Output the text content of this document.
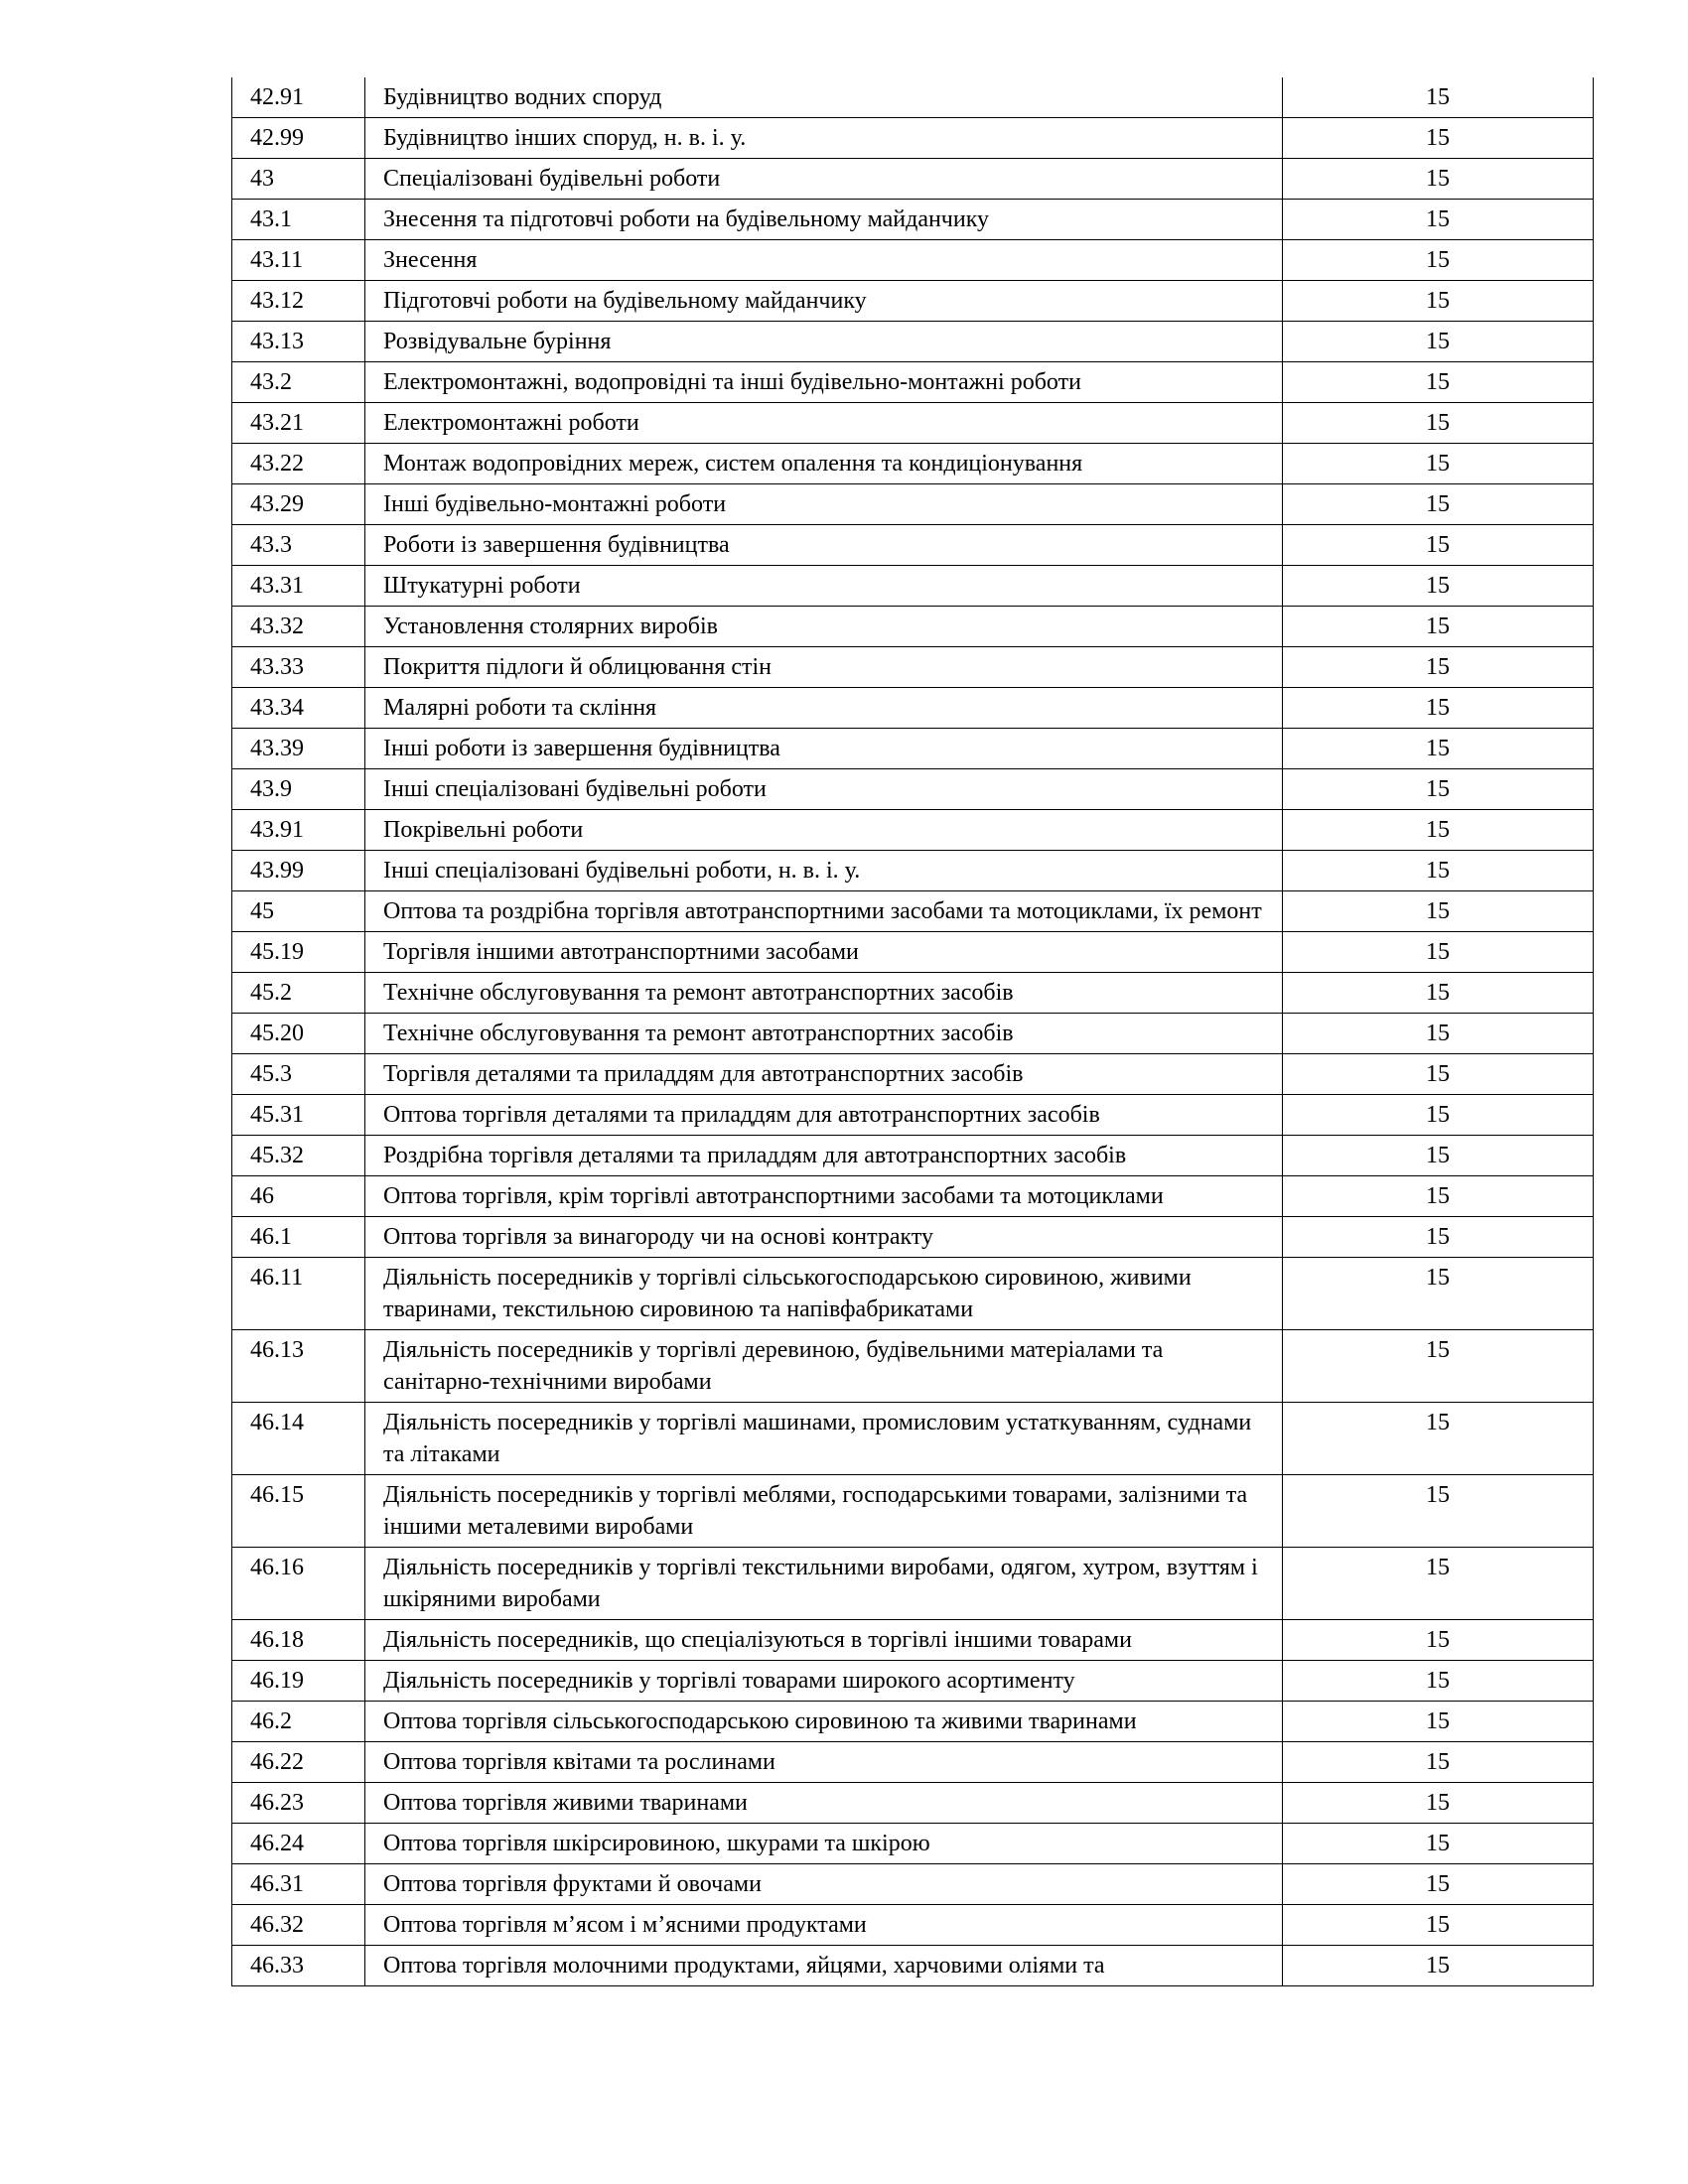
42.91	Будівництво водних споруд	15
42.99	Будівництво інших споруд, н. в. і. у.	15
43	Спеціалізовані будівельні роботи	15
43.1	Знесення та підготовчі роботи на будівельному майданчику	15
43.11	Знесення	15
43.12	Підготовчі роботи на будівельному майданчику	15
43.13	Розвідувальне буріння	15
43.2	Електромонтажні, водопровідні та інші будівельно-монтажні роботи	15
43.21	Електромонтажні роботи	15
43.22	Монтаж водопровідних мереж, систем опалення та кондиціонування	15
43.29	Інші будівельно-монтажні роботи	15
43.3	Роботи із завершення будівництва	15
43.31	Штукатурні роботи	15
43.32	Установлення столярних виробів	15
43.33	Покриття підлоги й облицювання стін	15
43.34	Малярні роботи та скління	15
43.39	Інші роботи із завершення будівництва	15
43.9	Інші спеціалізовані будівельні роботи	15
43.91	Покрівельні роботи	15
43.99	Інші спеціалізовані будівельні роботи, н. в. і. у.	15
45	Оптова та роздрібна торгівля автотранспортними засобами та мотоциклами, їх ремонт	15
45.19	Торгівля іншими автотранспортними засобами	15
45.2	Технічне обслуговування та ремонт автотранспортних засобів	15
45.20	Технічне обслуговування та ремонт автотранспортних засобів	15
45.3	Торгівля деталями та приладдям для автотранспортних засобів	15
45.31	Оптова торгівля деталями та приладдям для автотранспортних засобів	15
45.32	Роздрібна торгівля деталями та приладдям для автотранспортних засобів	15
46	Оптова торгівля, крім торгівлі автотранспортними засобами та мотоциклами	15
46.1	Оптова торгівля за винагороду чи на основі контракту	15
46.11	Діяльність посередників у торгівлі сільськогосподарською сировиною, живими тваринами, текстильною сировиною та напівфабрикатами	15
46.13	Діяльність посередників у торгівлі деревиною, будівельними матеріалами та санітарно-технічними виробами	15
46.14	Діяльність посередників у торгівлі машинами, промисловим устаткуванням, суднами та літаками	15
46.15	Діяльність посередників у торгівлі меблями, господарськими товарами, залізними та іншими металевими виробами	15
46.16	Діяльність посередників у торгівлі текстильними виробами, одягом, хутром, взуттям і шкіряними виробами	15
46.18	Діяльність посередників, що спеціалізуються в торгівлі іншими товарами	15
46.19	Діяльність посередників у торгівлі товарами широкого асортименту	15
46.2	Оптова торгівля сільськогосподарською сировиною та живими тваринами	15
46.22	Оптова торгівля квітами та рослинами	15
46.23	Оптова торгівля живими тваринами	15
46.24	Оптова торгівля шкірсировиною, шкурами та шкірою	15
46.31	Оптова торгівля фруктами й овочами	15
46.32	Оптова торгівля м’ясом і м’ясними продуктами	15
46.33	Оптова торгівля молочними продуктами, яйцями, харчовими оліями та	15
